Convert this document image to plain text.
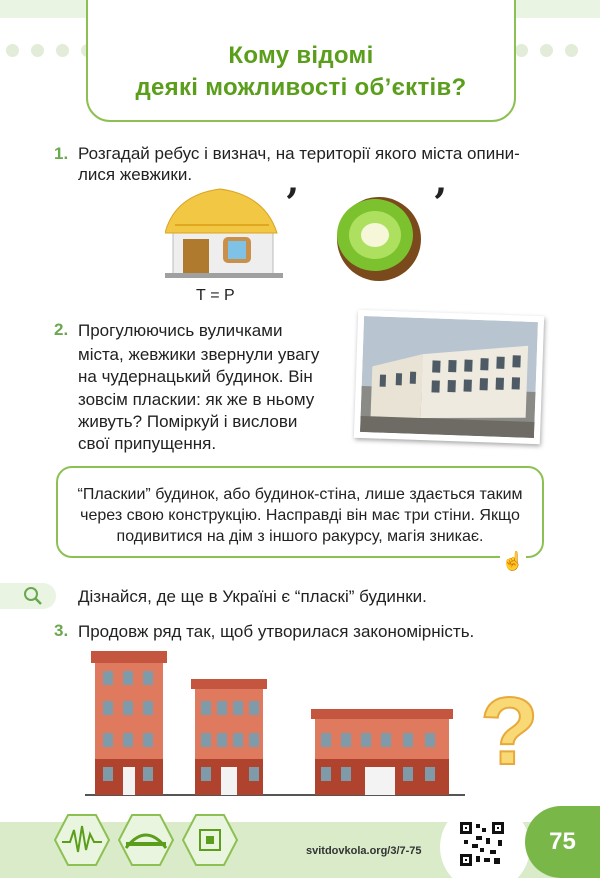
Кому відомі
деякі можливості об’єктів?
1. Розгадай ребус і визнач, на території якого міста опини-
лися жевжики.
’	’
Т = Р
2. Прогулюючись вуличками
міста, жевжики звернули увагу
на чудернацький будинок. Він
зовсім пласкии: як же в ньому
живуть? Поміркуй і вислови
свої припущення.
“Пласкии” будинок, або будинок-стіна, лише здається таким
через свою конструкцію. Насправді він має три стіни. Якщо
подивитися на дім з іншого ракурсу, магія зникає.
☝
Дізнайся, де ще в Україні є “пласкі” будинки.
3. Продовж ряд так, щоб утворилася закономірність.
?
svitdovkola.org/3/7-75	75
